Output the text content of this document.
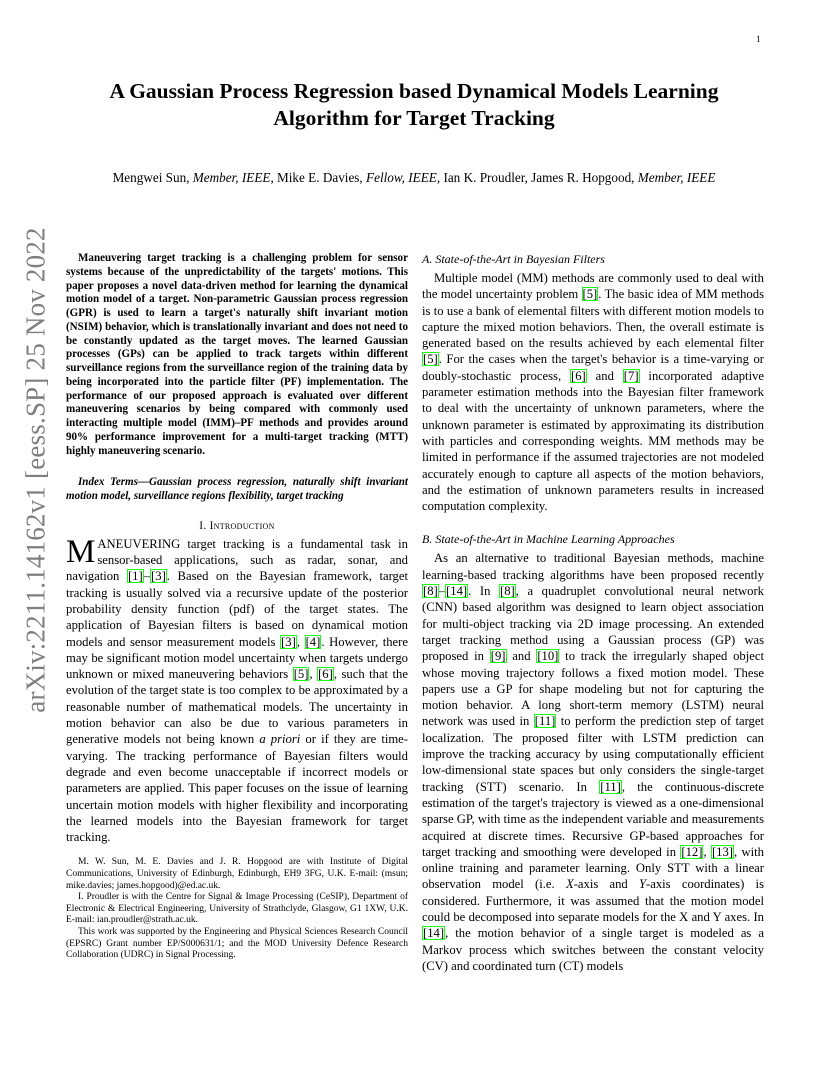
1
arXiv:2211.14162v1 [eess.SP] 25 Nov 2022
A Gaussian Process Regression based Dynamical Models Learning
Algorithm for Target Tracking
Mengwei Sun, Member, IEEE, Mike E. Davies, Fellow, IEEE, Ian K. Proudler, James R. Hopgood, Member, IEEE

Maneuvering target tracking is a challenging problem for sensor systems because of the unpredictability of the targets' motions. This paper proposes a novel data-driven method for learning the dynamical motion model of a target. Non-parametric Gaussian process regression (GPR) is used to learn a target's naturally shift invariant motion (NSIM) behavior, which is translationally invariant and does not need to be constantly updated as the target moves. The learned Gaussian processes (GPs) can be applied to track targets within different surveillance regions from the surveillance region of the training data by being incorporated into the particle filter (PF) implementation. The performance of our proposed approach is evaluated over different maneuvering scenarios by being compared with commonly used interacting multiple model (IMM)–PF methods and provides around 90% performance improvement for a multi-target tracking (MTT) highly maneuvering scenario.

Index Terms—Gaussian process regression, naturally shift invariant motion model, surveillance regions flexibility, target tracking

I. Introduction

MANEUVERING target tracking is a fundamental task in sensor-based applications, such as radar, sonar, and navigation [1]–[3]. Based on the Bayesian framework, target tracking is usually solved via a recursive update of the posterior probability density function (pdf) of the target states. The application of Bayesian filters is based on dynamical motion models and sensor measurement models [3], [4]. However, there may be significant motion model uncertainty when targets undergo unknown or mixed maneuvering behaviors [5], [6], such that the evolution of the target state is too complex to be approximated by a reasonable number of mathematical models. The uncertainty in motion behavior can also be due to various parameters in generative models not being known a priori or if they are time-varying. The tracking performance of Bayesian filters would degrade and even become unacceptable if incorrect models or parameters are applied. This paper focuses on the issue of learning uncertain motion models with higher flexibility and incorporating the learned models into the Bayesian framework for target tracking.

M. W. Sun, M. E. Davies and J. R. Hopgood are with Institute of Digital Communications, University of Edinburgh, Edinburgh, EH9 3FG, U.K. E-mail: (msun; mike.davies; james.hopgood)@ed.ac.uk.

I. Proudler is with the Centre for Signal & Image Processing (CeSIP), Department of Electronic & Electrical Engineering, University of Strathclyde, Glasgow, G1 1XW, U.K. E-mail: ian.proudler@strath.ac.uk.

This work was supported by the Engineering and Physical Sciences Research Council (EPSRC) Grant number EP/S000631/1; and the MOD University Defence Research Collaboration (UDRC) in Signal Processing.

A. State-of-the-Art in Bayesian Filters

Multiple model (MM) methods are commonly used to deal with the model uncertainty problem [5]. The basic idea of MM methods is to use a bank of elemental filters with different motion models to capture the mixed motion behaviors. Then, the overall estimate is generated based on the results achieved by each elemental filter [5]. For the cases when the target's behavior is a time-varying or doubly-stochastic process, [6] and [7] incorporated adaptive parameter estimation methods into the Bayesian filter framework to deal with the uncertainty of unknown parameters, where the unknown parameter is estimated by approximating its distribution with particles and corresponding weights. MM methods may be limited in performance if the assumed trajectories are not modeled accurately enough to capture all aspects of the motion behaviors, and the estimation of unknown parameters results in increased computation complexity.

B. State-of-the-Art in Machine Learning Approaches

As an alternative to traditional Bayesian methods, machine learning-based tracking algorithms have been proposed recently [8]–[14]. In [8], a quadruplet convolutional neural network (CNN) based algorithm was designed to learn object association for multi-object tracking via 2D image processing. An extended target tracking method using a Gaussian process (GP) was proposed in [9] and [10] to track the irregularly shaped object whose moving trajectory follows a fixed motion model. These papers use a GP for shape modeling but not for capturing the motion behavior. A long short-term memory (LSTM) neural network was used in [11] to perform the prediction step of target localization. The proposed filter with LSTM prediction can improve the tracking accuracy by using computationally efficient low-dimensional state spaces but only considers the single-target tracking (STT) scenario. In [11], the continuous-discrete estimation of the target's trajectory is viewed as a one-dimensional sparse GP, with time as the independent variable and measurements acquired at discrete times. Recursive GP-based approaches for target tracking and smoothing were developed in [12], [13], with online training and parameter learning. Only STT with a linear observation model (i.e. X-axis and Y-axis coordinates) is considered. Furthermore, it was assumed that the motion model could be decomposed into separate models for the X and Y axes. In [14], the motion behavior of a single target is modeled as a Markov process which switches between the constant velocity (CV) and coordinated turn (CT) models
